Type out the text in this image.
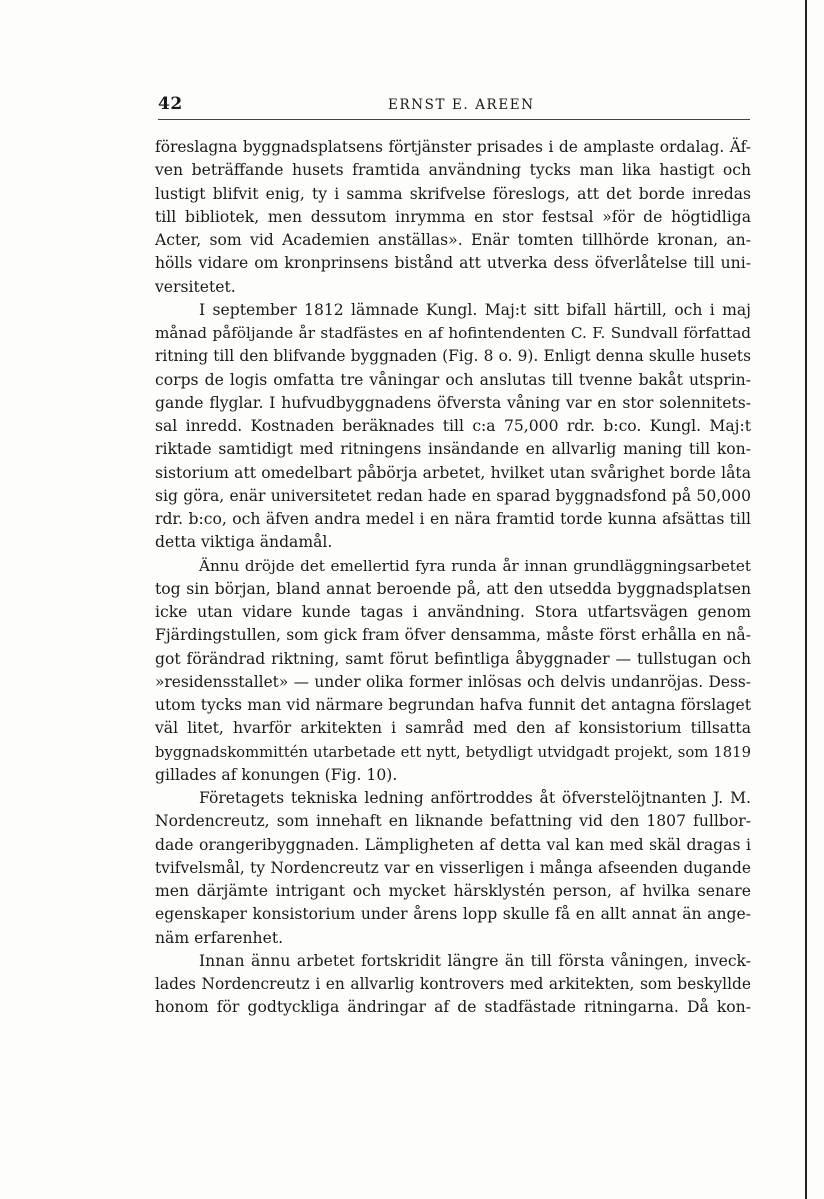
42	ERNST E. AREEN
föreslagna byggnadsplatsens förtjänster prisades i de amplaste ordalag. Äf-
ven beträffande husets framtida användning tycks man lika hastigt och
lustigt blifvit enig, ty i samma skrifvelse föreslogs, att det borde inredas
till bibliotek, men dessutom inrymma en stor festsal »för de högtidliga
Acter, som vid Academien anställas». Enär tomten tillhörde kronan, an-
hölls vidare om kronprinsens bistånd att utverka dess öfverlåtelse till uni-
versitetet.
I september 1812 lämnade Kungl. Maj:t sitt bifall härtill, och i maj
månad påföljande år stadfästes en af hofintendenten C. F. Sundvall författad
ritning till den blifvande byggnaden (Fig. 8 o. 9). Enligt denna skulle husets
corps de logis omfatta tre våningar och anslutas till tvenne bakåt utsprin-
gande flyglar. I hufvudbyggnadens öfversta våning var en stor solennitets-
sal inredd. Kostnaden beräknades till c:a 75,000 rdr. b:co. Kungl. Maj:t
riktade samtidigt med ritningens insändande en allvarlig maning till kon-
sistorium att omedelbart påbörja arbetet, hvilket utan svårighet borde låta
sig göra, enär universitetet redan hade en sparad byggnadsfond på 50,000
rdr. b:co, och äfven andra medel i en nära framtid torde kunna afsättas till
detta viktiga ändamål.
Ännu dröjde det emellertid fyra runda år innan grundläggningsarbetet
tog sin början, bland annat beroende på, att den utsedda byggnadsplatsen
icke utan vidare kunde tagas i användning. Stora utfartsvägen genom
Fjärdingstullen, som gick fram öfver densamma, måste först erhålla en nå-
got förändrad riktning, samt förut befintliga åbyggnader — tullstugan och
»residensstallet» — under olika former inlösas och delvis undanröjas. Dess-
utom tycks man vid närmare begrundan hafva funnit det antagna förslaget
väl litet, hvarför arkitekten i samråd med den af konsistorium tillsatta
byggnadskommittén utarbetade ett nytt, betydligt utvidgadt projekt, som 1819
gillades af konungen (Fig. 10).
Företagets tekniska ledning anförtroddes åt öfverstelöjtnanten J. M.
Nordencreutz, som innehaft en liknande befattning vid den 1807 fullbor-
dade orangeribyggnaden. Lämpligheten af detta val kan med skäl dragas i
tvifvelsmål, ty Nordencreutz var en visserligen i många afseenden dugande
men därjämte intrigant och mycket härsklystén person, af hvilka senare
egenskaper konsistorium under årens lopp skulle få en allt annat än ange-
näm erfarenhet.
Innan ännu arbetet fortskridit längre än till första våningen, inveck-
lades Nordencreutz i en allvarlig kontrovers med arkitekten, som beskyllde
honom för godtyckliga ändringar af de stadfästade ritningarna. Då kon-
